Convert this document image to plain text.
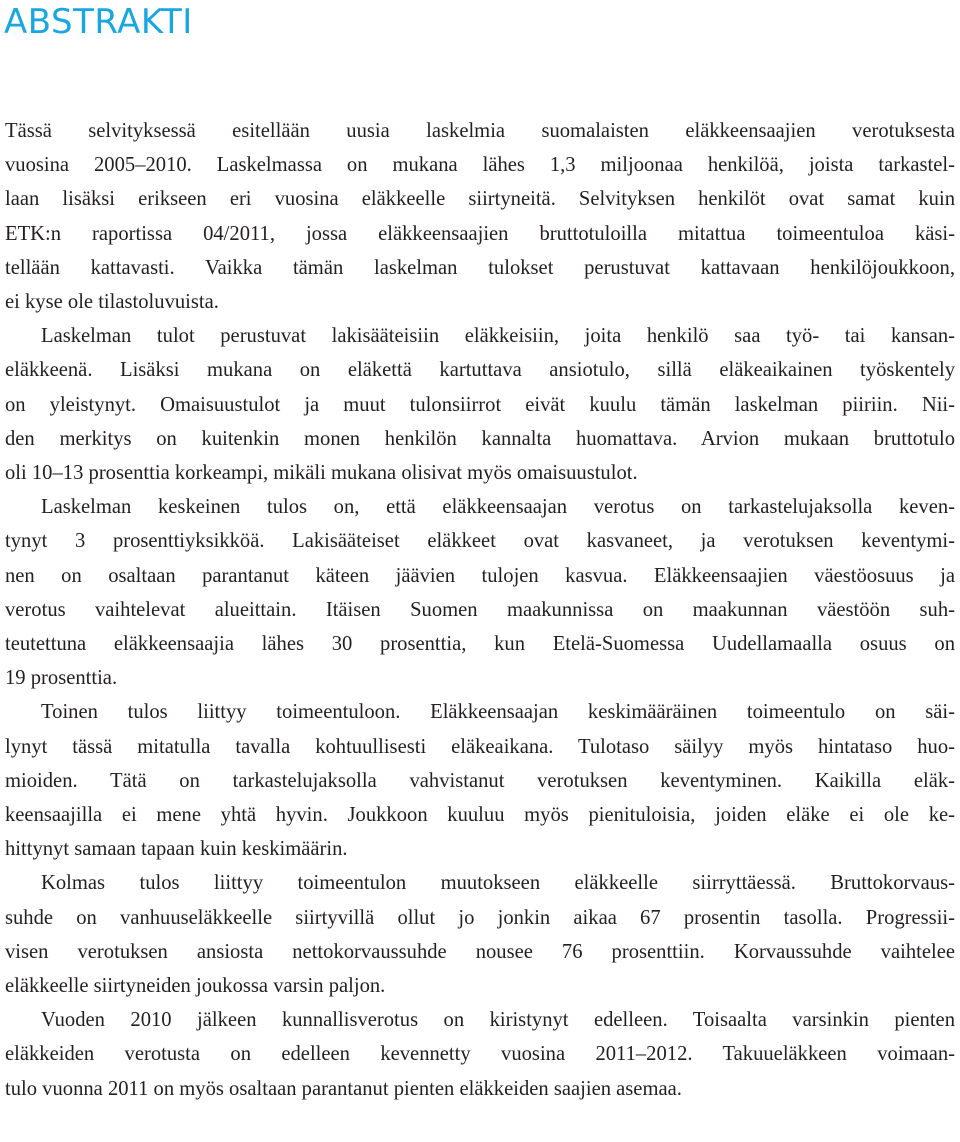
ABSTRAKTI

Tässä selvityksessä esitellään uusia laskelmia suomalaisten eläkkeensaajien verotuksesta
vuosina 2005–2010. Laskelmassa on mukana lähes 1,3 miljoonaa henkilöä, joista tarkastel-
laan lisäksi erikseen eri vuosina eläkkeelle siirtyneitä. Selvityksen henkilöt ovat samat kuin
ETK:n raportissa 04/2011, jossa eläkkeensaajien bruttotuloilla mitattua toimeentuloa käsi-
tellään kattavasti. Vaikka tämän laskelman tulokset perustuvat kattavaan henkilöjoukkoon,
ei kyse ole tilastoluvuista.

Laskelman tulot perustuvat lakisääteisiin eläkkeisiin, joita henkilö saa työ- tai kansan-
eläkkeenä. Lisäksi mukana on eläkettä kartuttava ansiotulo, sillä eläkeaikainen työskentely
on yleistynyt. Omaisuustulot ja muut tulonsiirrot eivät kuulu tämän laskelman piiriin. Nii-
den merkitys on kuitenkin monen henkilön kannalta huomattava. Arvion mukaan bruttotulo
oli 10–13 prosenttia korkeampi, mikäli mukana olisivat myös omaisuustulot.

Laskelman keskeinen tulos on, että eläkkeensaajan verotus on tarkastelujaksolla keven-
tynyt 3 prosenttiyksikköä. Lakisääteiset eläkkeet ovat kasvaneet, ja verotuksen keventymi-
nen on osaltaan parantanut käteen jäävien tulojen kasvua. Eläkkeensaajien väestöosuus ja
verotus vaihtelevat alueittain. Itäisen Suomen maakunnissa on maakunnan väestöön suh-
teutettuna eläkkeensaajia lähes 30 prosenttia, kun Etelä-Suomessa Uudellamaalla osuus on
19 prosenttia.

Toinen tulos liittyy toimeentuloon. Eläkkeensaajan keskimääräinen toimeentulo on säi-
lynyt tässä mitatulla tavalla kohtuullisesti eläkeaikana. Tulotaso säilyy myös hintataso huo-
mioiden. Tätä on tarkastelujaksolla vahvistanut verotuksen keventyminen. Kaikilla eläk-
keensaajilla ei mene yhtä hyvin. Joukkoon kuuluu myös pienituloisia, joiden eläke ei ole ke-
hittynyt samaan tapaan kuin keskimäärin.

Kolmas tulos liittyy toimeentulon muutokseen eläkkeelle siirryttäessä. Bruttokorvaus-
suhde on vanhuuseläkkeelle siirtyvillä ollut jo jonkin aikaa 67 prosentin tasolla. Progressii-
visen verotuksen ansiosta nettokorvaussuhde nousee 76 prosenttiin. Korvaussuhde vaihtelee
eläkkeelle siirtyneiden joukossa varsin paljon.

Vuoden 2010 jälkeen kunnallisverotus on kiristynyt edelleen. Toisaalta varsinkin pienten
eläkkeiden verotusta on edelleen kevennetty vuosina 2011–2012. Takuueläkkeen voimaan-
tulo vuonna 2011 on myös osaltaan parantanut pienten eläkkeiden saajien asemaa.
